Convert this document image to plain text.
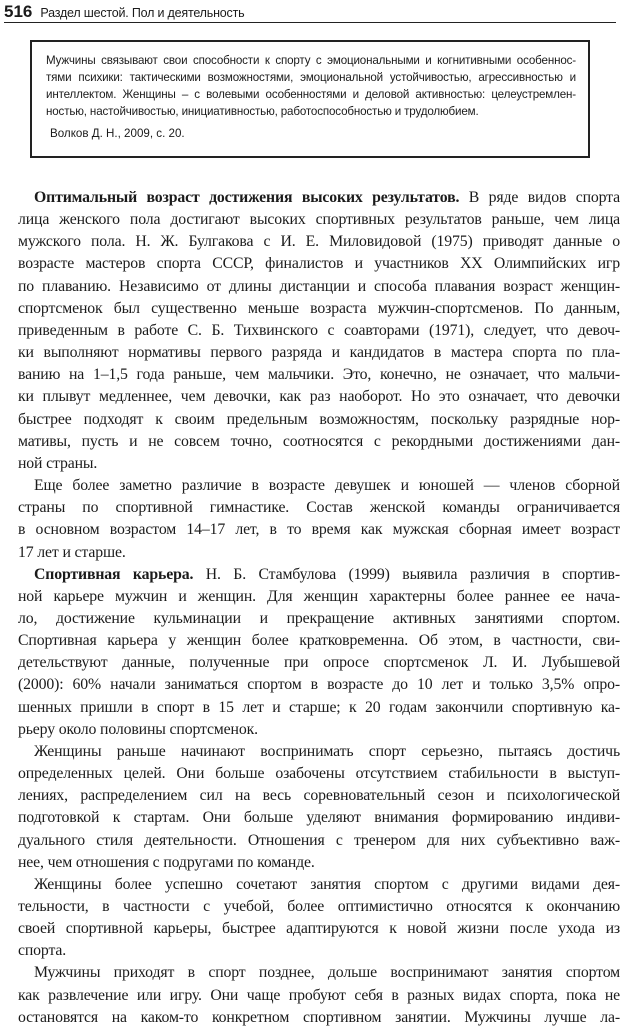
516 Раздел шестой. Пол и деятельность

Мужчины связывают свои способности к спорту с эмоциональными и когнитивными особеннос-
тями психики: тактическими возможностями, эмоциональной устойчивостью, агрессивностью и
интеллектом. Женщины – с волевыми особенностями и деловой активностью: целеустремлен-
ностью, настойчивостью, инициативностью, работоспособностью и трудолюбием.

Волков Д. Н., 2009, с. 20.

Оптимальный возраст достижения высоких результатов. В ряде видов спорта
лица женского пола достигают высоких спортивных результатов раньше, чем лица
мужского пола. Н. Ж. Булгакова с И. Е. Миловидовой (1975) приводят данные о
возрасте мастеров спорта СССР, финалистов и участников XX Олимпийских игр
по плаванию. Независимо от длины дистанции и способа плавания возраст женщин-
спортсменок был существенно меньше возраста мужчин-спортсменов. По данным,
приведенным в работе С. Б. Тихвинского с соавторами (1971), следует, что девоч-
ки выполняют нормативы первого разряда и кандидатов в мастера спорта по пла-
ванию на 1–1,5 года раньше, чем мальчики. Это, конечно, не означает, что мальчи-
ки плывут медленнее, чем девочки, как раз наоборот. Но это означает, что девочки
быстрее подходят к своим предельным возможностям, поскольку разрядные нор-
мативы, пусть и не совсем точно, соотносятся с рекордными достижениями дан-
ной страны.

Еще более заметно различие в возрасте девушек и юношей — членов сборной
страны по спортивной гимнастике. Состав женской команды ограничивается
в основном возрастом 14–17 лет, в то время как мужская сборная имеет возраст
17 лет и старше.

Спортивная карьера. Н. Б. Стамбулова (1999) выявила различия в спортив-
ной карьере мужчин и женщин. Для женщин характерны более раннее ее нача-
ло, достижение кульминации и прекращение активных занятиями спортом.
Спортивная карьера у женщин более кратковременна. Об этом, в частности, сви-
детельствуют данные, полученные при опросе спортсменок Л. И. Лубышевой
(2000): 60% начали заниматься спортом в возрасте до 10 лет и только 3,5% опро-
шенных пришли в спорт в 15 лет и старше; к 20 годам закончили спортивную ка-
рьеру около половины спортсменок.

Женщины раньше начинают воспринимать спорт серьезно, пытаясь достичь
определенных целей. Они больше озабочены отсутствием стабильности в выступ-
лениях, распределением сил на весь соревновательный сезон и психологической
подготовкой к стартам. Они больше уделяют внимания формированию индиви-
дуального стиля деятельности. Отношения с тренером для них субъективно важ-
нее, чем отношения с подругами по команде.

Женщины более успешно сочетают занятия спортом с другими видами дея-
тельности, в частности с учебой, более оптимистично относятся к окончанию
своей спортивной карьеры, быстрее адаптируются к новой жизни после ухода из
спорта.

Мужчины приходят в спорт позднее, дольше воспринимают занятия спортом
как развлечение или игру. Они чаще пробуют себя в разных видах спорта, пока не
остановятся на каком-то конкретном спортивном занятии. Мужчины лучше ла-
